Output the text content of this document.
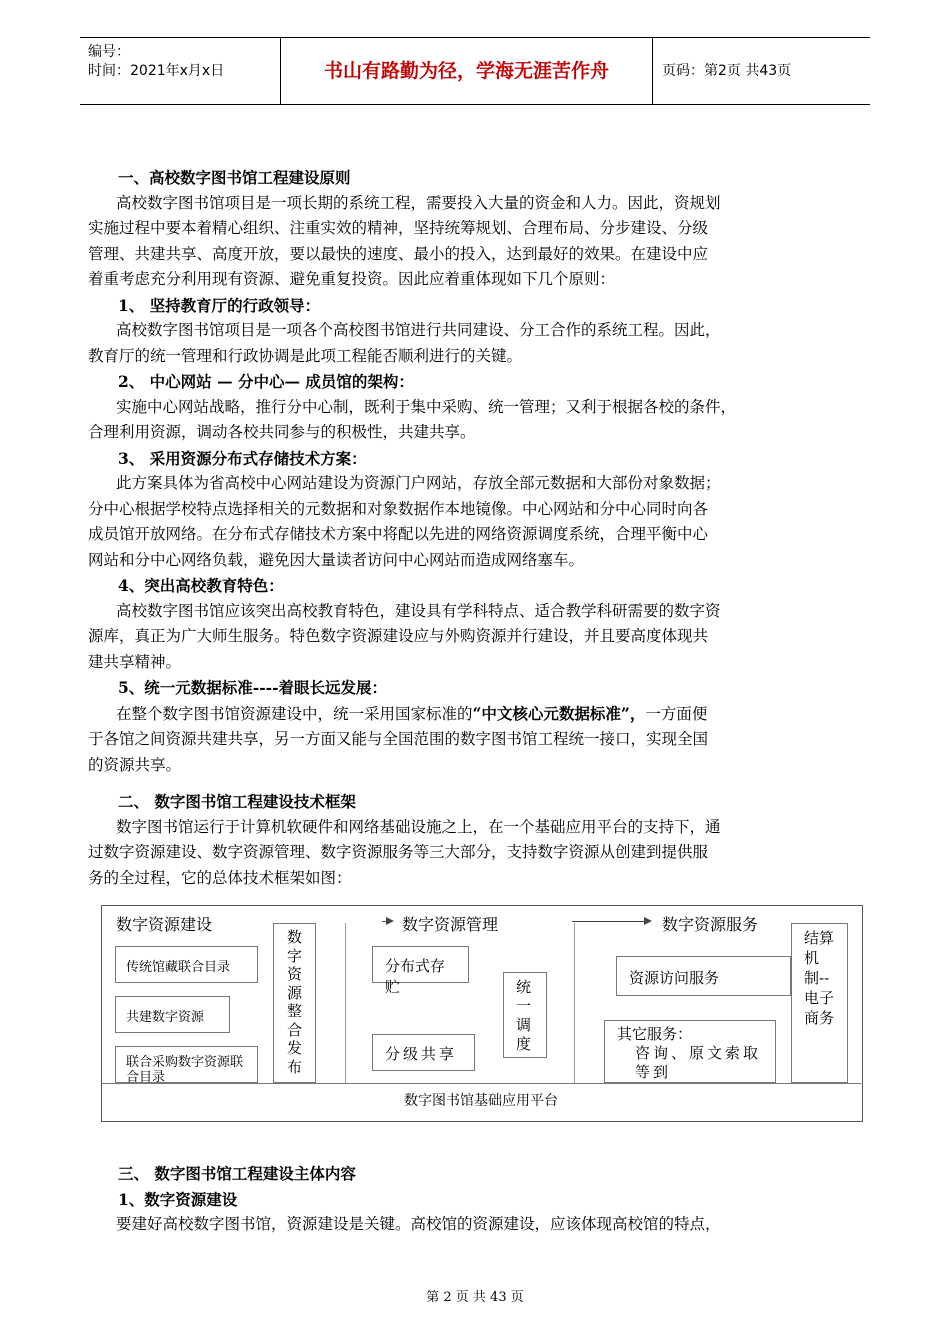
编号：
时间：2021年x月x日	书山有路勤为径，学海无涯苦作舟	页码：第2页 共43页
一、高校数字图书馆工程建设原则
高校数字图书馆项目是一项长期的系统工程，需要投入大量的资金和人力。因此，资规划
实施过程中要本着精心组织、注重实效的精神，坚持统筹规划、合理布局、分步建设、分级
管理、共建共享、高度开放，要以最快的速度、最小的投入，达到最好的效果。在建设中应
着重考虑充分利用现有资源、避免重复投资。因此应着重体现如下几个原则：
1、 坚持教育厅的行政领导：
高校数字图书馆项目是一项各个高校图书馆进行共同建设、分工合作的系统工程。因此，
教育厅的统一管理和行政协调是此项工程能否顺利进行的关键。
2、 中心网站 — 分中心— 成员馆的架构：
实施中心网站战略，推行分中心制，既利于集中采购、统一管理；又利于根据各校的条件，
合理利用资源，调动各校共同参与的积极性，共建共享。
3、 采用资源分布式存储技术方案：
此方案具体为省高校中心网站建设为资源门户网站，存放全部元数据和大部份对象数据；
分中心根据学校特点选择相关的元数据和对象数据作本地镜像。中心网站和分中心同时向各
成员馆开放网络。在分布式存储技术方案中将配以先进的网络资源调度系统，合理平衡中心
网站和分中心网络负载，避免因大量读者访问中心网站而造成网络塞车。
4、突出高校教育特色：
高校数字图书馆应该突出高校教育特色，建设具有学科特点、适合教学科研需要的数字资
源库，真正为广大师生服务。特色数字资源建设应与外购资源并行建设，并且要高度体现共
建共享精神。
5、统一元数据标准----着眼长远发展：
在整个数字图书馆资源建设中，统一采用国家标准的“中文核心元数据标准”，一方面便
于各馆之间资源共建共享，另一方面又能与全国范围的数字图书馆工程统一接口，实现全国
的资源共享。
二、 数字图书馆工程建设技术框架
数字图书馆运行于计算机软硬件和网络基础设施之上，在一个基础应用平台的支持下，通
过数字资源建设、数字资源管理、数字资源服务等三大部分，支持数字资源从创建到提供服
务的全过程，它的总体技术框架如图：
数字资源建设	数字资源管理	数字资源服务
传统馆藏联合目录
共建数字资源
联合采购数字资源联合目录
数字资源整合发布
分布式存贮
分级共享
统一调度
资源访问服务
其它服务：
咨询、原文索取等到
结算机制--电子商务
数字图书馆基础应用平台
三、 数字图书馆工程建设主体内容
1、数字资源建设
要建好高校数字图书馆，资源建设是关键。高校馆的资源建设，应该体现高校馆的特点，
第 2 页 共 43 页
